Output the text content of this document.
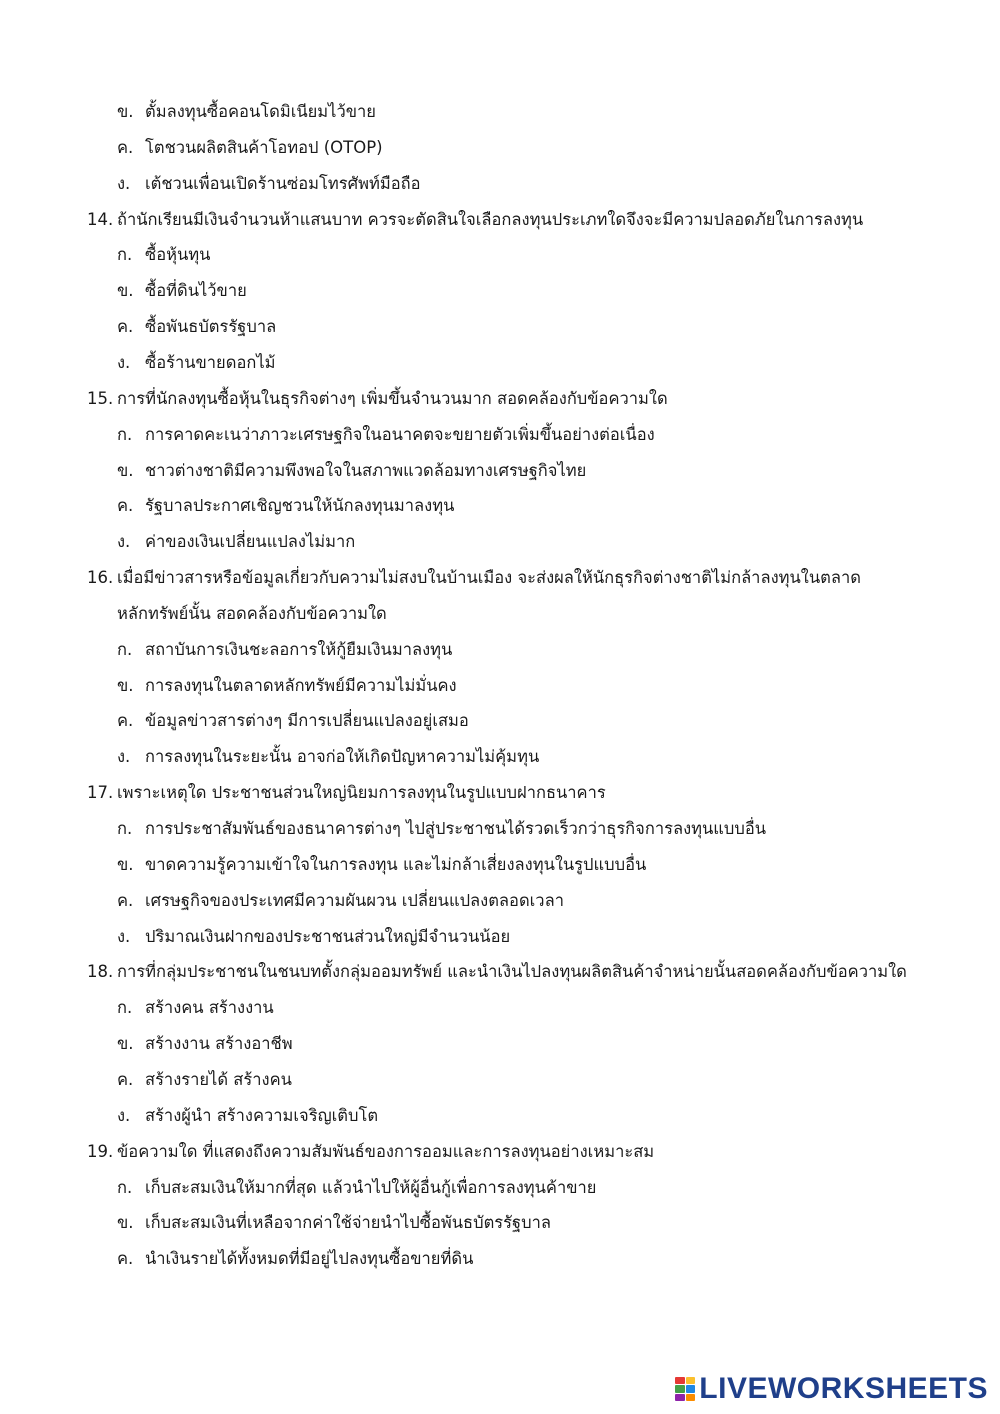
ข. ตั้มลงทุนซื้อคอนโดมิเนียมไว้ขาย
ค. โตชวนผลิตสินค้าโอทอป (OTOP)
ง. เต้ชวนเพื่อนเปิดร้านซ่อมโทรศัพท์มือถือ
14. ถ้านักเรียนมีเงินจำนวนห้าแสนบาท ควรจะตัดสินใจเลือกลงทุนประเภทใดจึงจะมีความปลอดภัยในการลงทุน
ก. ซื้อหุ้นทุน
ข. ซื้อที่ดินไว้ขาย
ค. ซื้อพันธบัตรรัฐบาล
ง. ซื้อร้านขายดอกไม้
15. การที่นักลงทุนซื้อหุ้นในธุรกิจต่างๆ เพิ่มขึ้นจำนวนมาก สอดคล้องกับข้อความใด
ก. การคาดคะเนว่าภาวะเศรษฐกิจในอนาคตจะขยายตัวเพิ่มขึ้นอย่างต่อเนื่อง
ข. ชาวต่างชาติมีความพึงพอใจในสภาพแวดล้อมทางเศรษฐกิจไทย
ค. รัฐบาลประกาศเชิญชวนให้นักลงทุนมาลงทุน
ง. ค่าของเงินเปลี่ยนแปลงไม่มาก
16. เมื่อมีข่าวสารหรือข้อมูลเกี่ยวกับความไม่สงบในบ้านเมือง จะส่งผลให้นักธุรกิจต่างชาติไม่กล้าลงทุนในตลาด
หลักทรัพย์นั้น สอดคล้องกับข้อความใด
ก. สถาบันการเงินชะลอการให้กู้ยืมเงินมาลงทุน
ข. การลงทุนในตลาดหลักทรัพย์มีความไม่มั่นคง
ค. ข้อมูลข่าวสารต่างๆ มีการเปลี่ยนแปลงอยู่เสมอ
ง. การลงทุนในระยะนั้น อาจก่อให้เกิดปัญหาความไม่คุ้มทุน
17. เพราะเหตุใด ประชาชนส่วนใหญ่นิยมการลงทุนในรูปแบบฝากธนาคาร
ก. การประชาสัมพันธ์ของธนาคารต่างๆ ไปสู่ประชาชนได้รวดเร็วกว่าธุรกิจการลงทุนแบบอื่น
ข. ขาดความรู้ความเข้าใจในการลงทุน และไม่กล้าเสี่ยงลงทุนในรูปแบบอื่น
ค. เศรษฐกิจของประเทศมีความผันผวน เปลี่ยนแปลงตลอดเวลา
ง. ปริมาณเงินฝากของประชาชนส่วนใหญ่มีจำนวนน้อย
18. การที่กลุ่มประชาชนในชนบทตั้งกลุ่มออมทรัพย์ และนำเงินไปลงทุนผลิตสินค้าจำหน่ายนั้นสอดคล้องกับข้อความใด
ก. สร้างคน สร้างงาน
ข. สร้างงาน สร้างอาชีพ
ค. สร้างรายได้ สร้างคน
ง. สร้างผู้นำ สร้างความเจริญเติบโต
19. ข้อความใด ที่แสดงถึงความสัมพันธ์ของการออมและการลงทุนอย่างเหมาะสม
ก. เก็บสะสมเงินให้มากที่สุด แล้วนำไปให้ผู้อื่นกู้เพื่อการลงทุนค้าขาย
ข. เก็บสะสมเงินที่เหลือจากค่าใช้จ่ายนำไปซื้อพันธบัตรรัฐบาล
ค. นำเงินรายได้ทั้งหมดที่มีอยู่ไปลงทุนซื้อขายที่ดิน
LIVEWORKSHEETS
